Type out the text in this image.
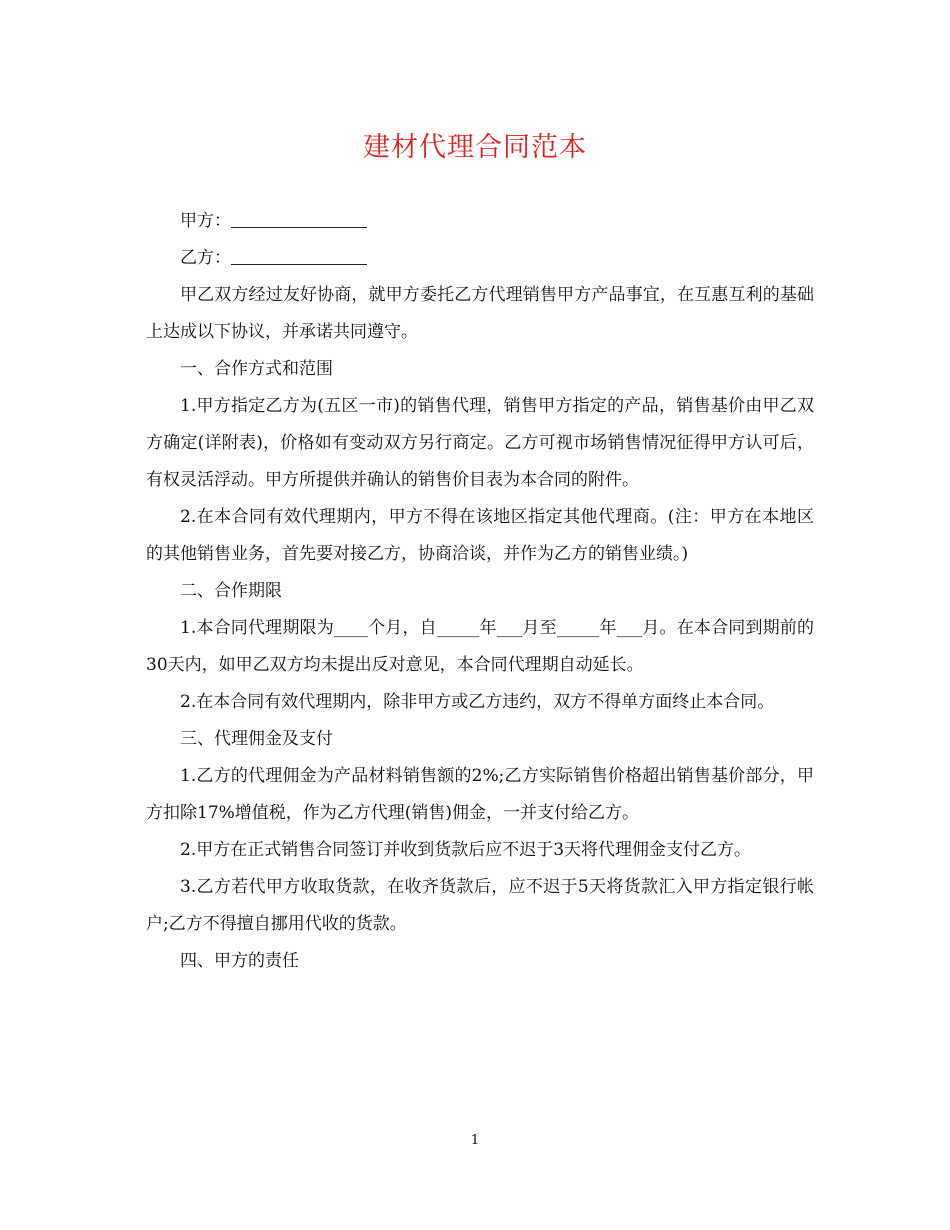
建材代理合同范本

甲方：

乙方：

甲乙双方经过友好协商，就甲方委托乙方代理销售甲方产品事宜，在互惠互利的基础上达成以下协议，并承诺共同遵守。

一、合作方式和范围

1.甲方指定乙方为(五区一市)的销售代理，销售甲方指定的产品，销售基价由甲乙双方确定(详附表)，价格如有变动双方另行商定。乙方可视市场销售情况征得甲方认可后，有权灵活浮动。甲方所提供并确认的销售价目表为本合同的附件。

2.在本合同有效代理期内，甲方不得在该地区指定其他代理商。(注：甲方在本地区的其他销售业务，首先要对接乙方，协商洽谈，并作为乙方的销售业绩。)

二、合作期限

1.本合同代理期限为____个月，自_____年___月至_____年___月。在本合同到期前的30天内，如甲乙双方均未提出反对意见，本合同代理期自动延长。

2.在本合同有效代理期内，除非甲方或乙方违约，双方不得单方面终止本合同。

三、代理佣金及支付

1.乙方的代理佣金为产品材料销售额的2%;乙方实际销售价格超出销售基价部分，甲方扣除17%增值税，作为乙方代理(销售)佣金，一并支付给乙方。

2.甲方在正式销售合同签订并收到货款后应不迟于3天将代理佣金支付乙方。

3.乙方若代甲方收取货款，在收齐货款后，应不迟于5天将货款汇入甲方指定银行帐户;乙方不得擅自挪用代收的货款。

四、甲方的责任

1
